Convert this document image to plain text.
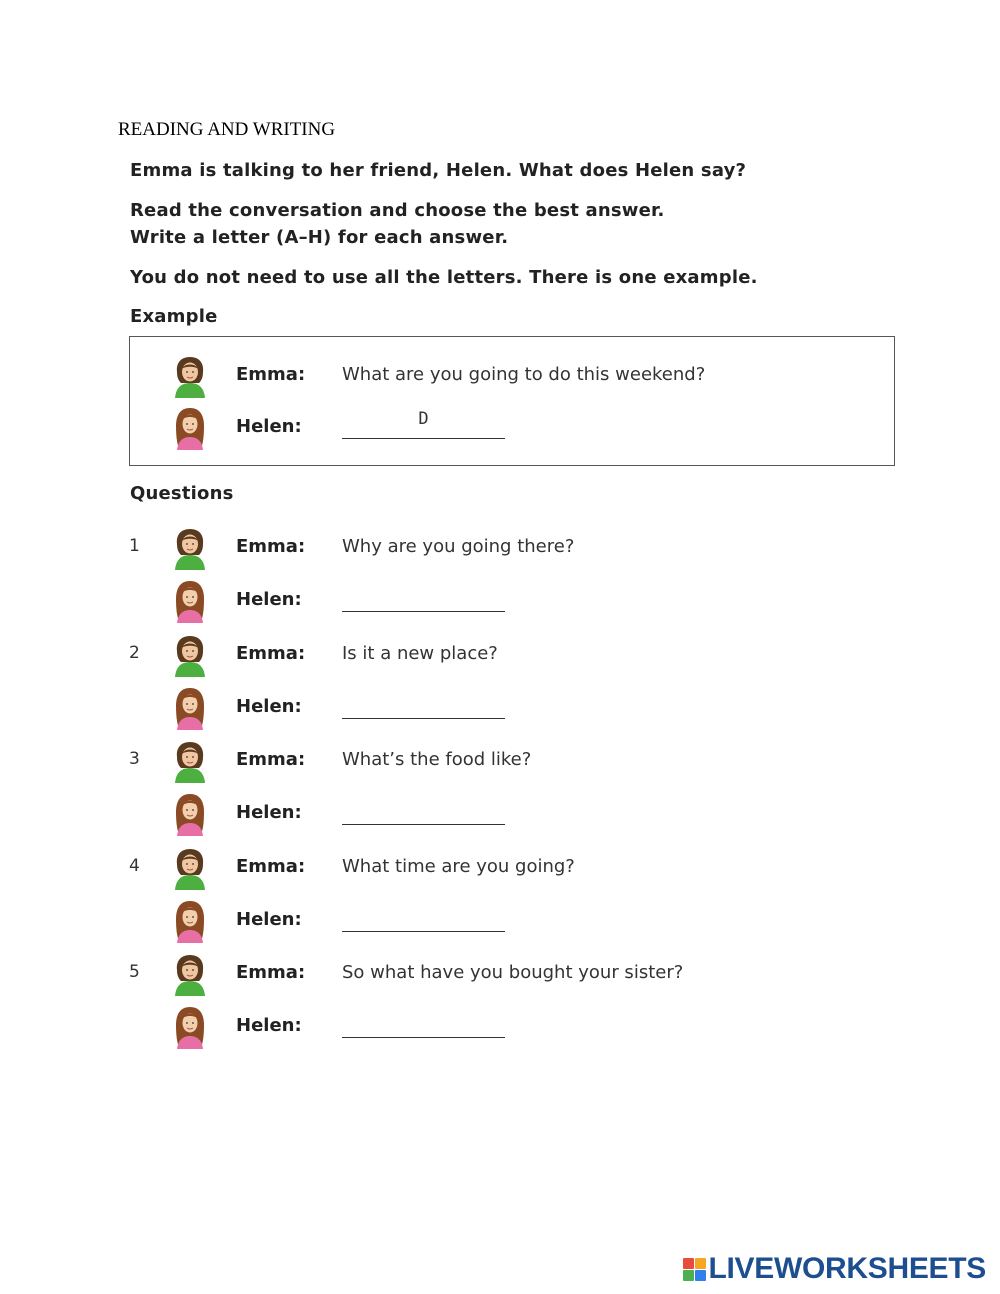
READING AND WRITING
Emma is talking to her friend, Helen. What does Helen say?
Read the conversation and choose the best answer.
Write a letter (A–H) for each answer.
You do not need to use all the letters. There is one example.
Example
Emma: What are you going to do this weekend?
Helen:	D
Questions
1	Emma: Why are you going there?
Helen:
2	Emma: Is it a new place?
Helen:
3	Emma: What’s the food like?
Helen:
4	Emma: What time are you going?
Helen:
5	Emma: So what have you bought your sister?
Helen:
LIVEWORKSHEETS
